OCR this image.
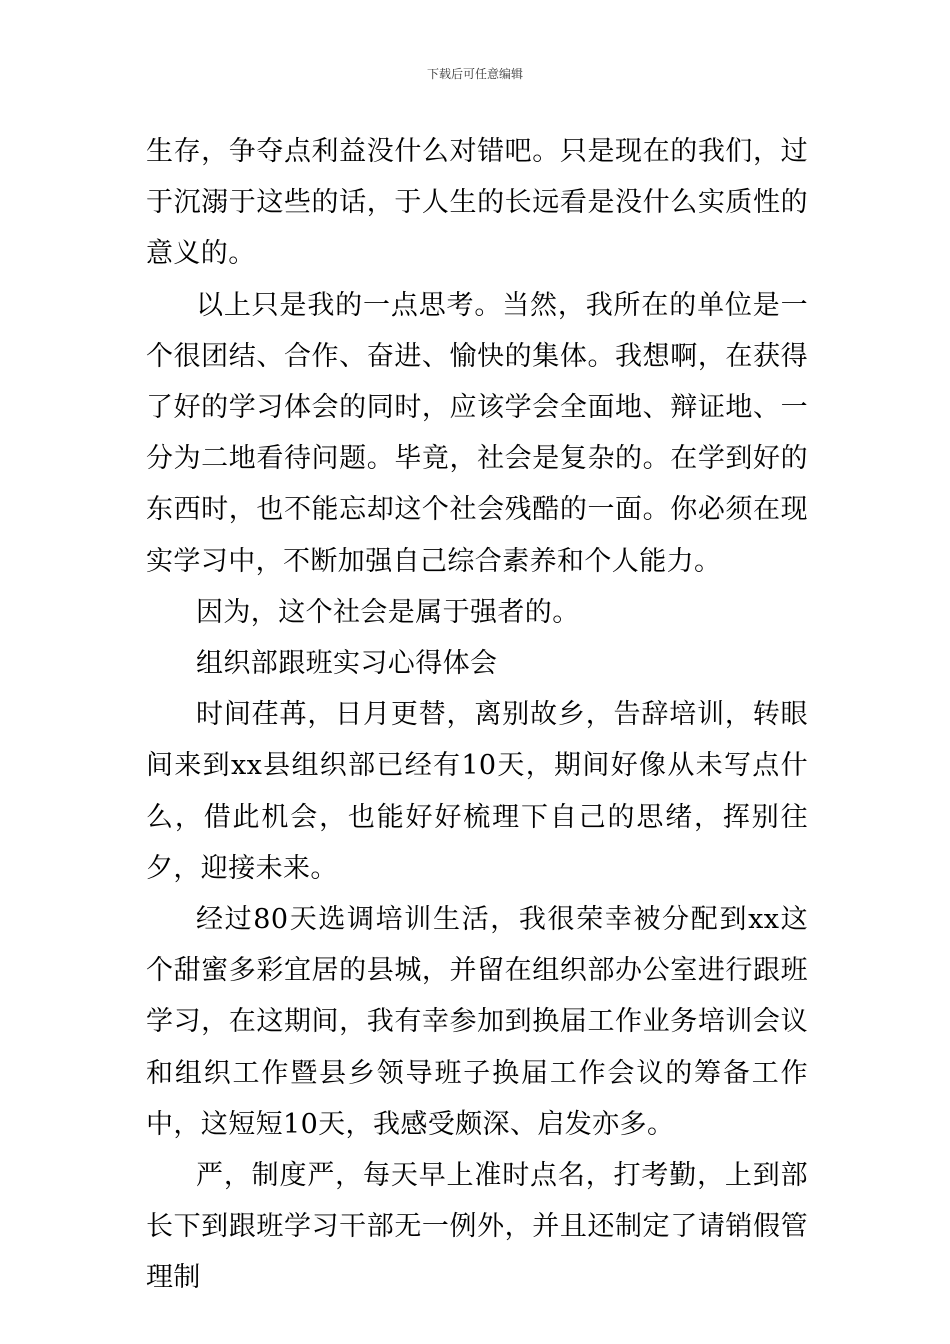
下载后可任意编辑

生存，争夺点利益没什么对错吧。只是现在的我们，过于沉溺于这些的话，于人生的长远看是没什么实质性的意义的。

以上只是我的一点思考。当然，我所在的单位是一个很团结、合作、奋进、愉快的集体。我想啊，在获得了好的学习体会的同时，应该学会全面地、辩证地、一分为二地看待问题。毕竟，社会是复杂的。在学到好的东西时，也不能忘却这个社会残酷的一面。你必须在现实学习中，不断加强自己综合素养和个人能力。

因为，这个社会是属于强者的。

组织部跟班实习心得体会

时间荏苒，日月更替，离别故乡，告辞培训，转眼间来到xx县组织部已经有10天，期间好像从未写点什么，借此机会，也能好好梳理下自己的思绪，挥别往夕，迎接未来。

经过80天选调培训生活，我很荣幸被分配到xx这个甜蜜多彩宜居的县城，并留在组织部办公室进行跟班学习，在这期间，我有幸参加到换届工作业务培训会议和组织工作暨县乡领导班子换届工作会议的筹备工作中，这短短10天，我感受颇深、启发亦多。

严，制度严，每天早上准时点名，打考勤，上到部长下到跟班学习干部无一例外，并且还制定了请销假管理制
